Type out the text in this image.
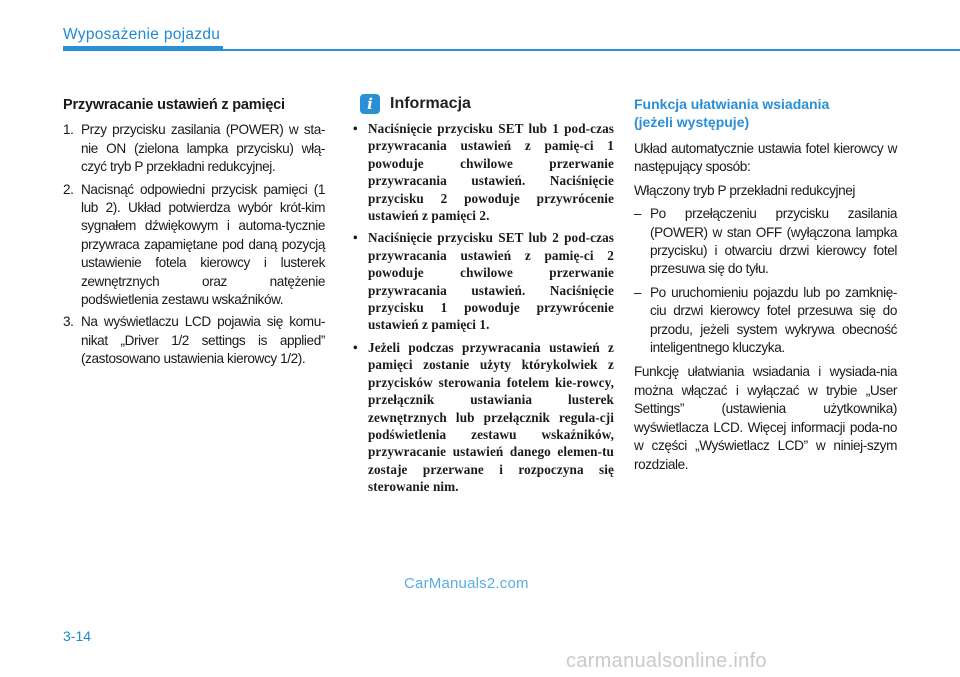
Wyposażenie pojazdu
Przywracanie ustawień z pamięci
1. Przy przycisku zasilania (POWER) w sta-nie ON (zielona lampka przycisku) włą-czyć tryb P przekładni redukcyjnej.
2. Nacisnąć odpowiedni przycisk pamięci (1 lub 2). Układ potwierdza wybór krót-kim sygnałem dźwiękowym i automa-tycznie przywraca zapamiętane pod daną pozycją ustawienie fotela kierowcy i lusterek zewnętrznych oraz natężenie podświetlenia zestawu wskaźników.
3. Na wyświetlaczu LCD pojawia się komu-nikat „Driver 1/2 settings is applied” (zastosowano ustawienia kierowcy 1/2).
i	Informacja
• Naciśnięcie przycisku SET lub 1 pod-czas przywracania ustawień z pamię-ci 1 powoduje chwilowe przerwanie przywracania ustawień. Naciśnięcie przycisku 2 powoduje przywrócenie ustawień z pamięci 2.
• Naciśnięcie przycisku SET lub 2 pod-czas przywracania ustawień z pamię-ci 2 powoduje chwilowe przerwanie przywracania ustawień. Naciśnięcie przycisku 1 powoduje przywrócenie ustawień z pamięci 1.
• Jeżeli podczas przywracania ustawień z pamięci zostanie użyty którykolwiek z przycisków sterowania fotelem kie-rowcy, przełącznik ustawiania lusterek zewnętrznych lub przełącznik regula-cji podświetlenia zestawu wskaźników, przywracanie ustawień danego elemen-tu zostaje przerwane i rozpoczyna się sterowanie nim.
Funkcja ułatwiania wsiadania
(jeżeli występuje)
Układ automatycznie ustawia fotel kierowcy w następujący sposób:
Włączony tryb P przekładni redukcyjnej
– Po przełączeniu przycisku zasilania (POWER) w stan OFF (wyłączona lampka przycisku) i otwarciu drzwi kierowcy fotel przesuwa się do tyłu.
– Po uruchomieniu pojazdu lub po zamknię-ciu drzwi kierowcy fotel przesuwa się do przodu, jeżeli system wykrywa obecność inteligentnego kluczyka.
Funkcję ułatwiania wsiadania i wysiada-nia można włączać i wyłączać w trybie „User Settings” (ustawienia użytkownika) wyświetlacza LCD. Więcej informacji poda-no w części „Wyświetlacz LCD” w niniej-szym rozdziale.
CarManuals2.com
3-14
carmanualsonline.info
